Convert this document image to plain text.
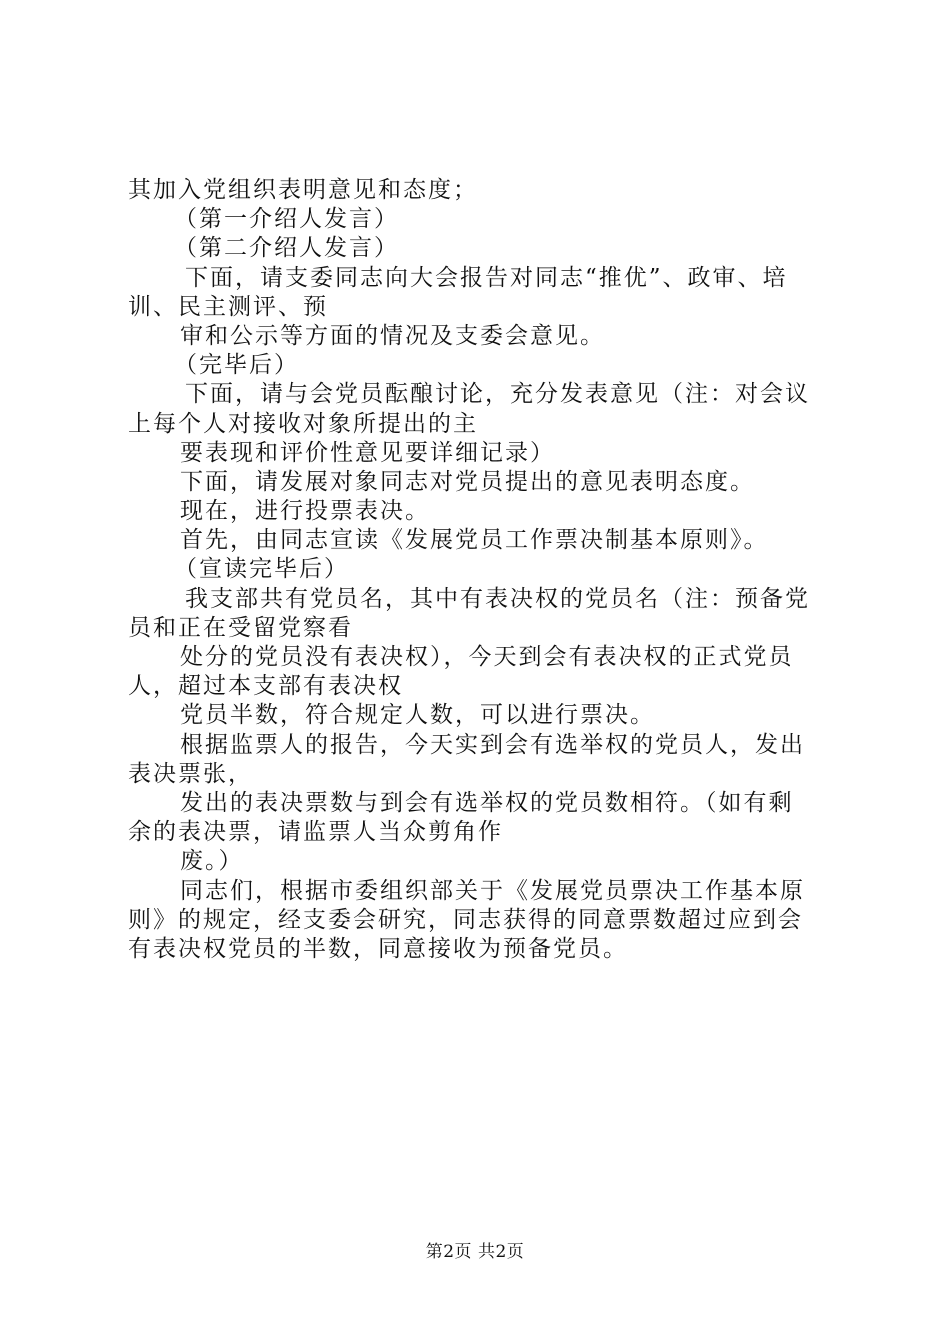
其加入党组织表明意见和态度；
（第一介绍人发言）
（第二介绍人发言）
下面，请支委同志向大会报告对同志“推优”、政审、培
训、民主测评、预
审和公示等方面的情况及支委会意见。
（完毕后）
下面，请与会党员酝酿讨论，充分发表意见（注：对会议
上每个人对接收对象所提出的主
要表现和评价性意见要详细记录）
下面，请发展对象同志对党员提出的意见表明态度。
现在，进行投票表决。
首先，由同志宣读《发展党员工作票决制基本原则》。
（宣读完毕后）
我支部共有党员名，其中有表决权的党员名（注：预备党
员和正在受留党察看
处分的党员没有表决权），今天到会有表决权的正式党员
人，超过本支部有表决权
党员半数，符合规定人数，可以进行票决。
根据监票人的报告，今天实到会有选举权的党员人，发出
表决票张，
发出的表决票数与到会有选举权的党员数相符。（如有剩
余的表决票，请监票人当众剪角作
废。）
同志们，根据市委组织部关于《发展党员票决工作基本原
则》的规定，经支委会研究，同志获得的同意票数超过应到会
有表决权党员的半数，同意接收为预备党员。
第2页 共2页
